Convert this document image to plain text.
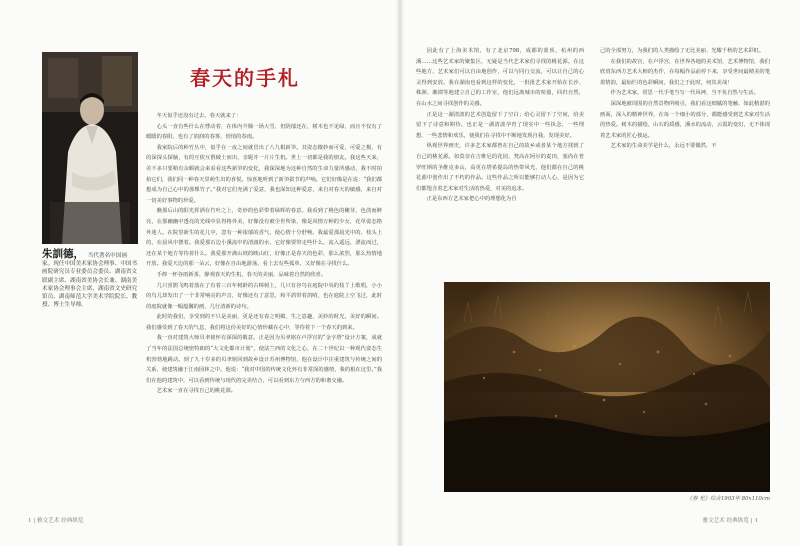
朱訓德， 当代著名中国画家。现任中国美术家协会理事、中国书画院研究员专业委员会委员、湖南省文联副主席、湖南省美协会长兼、湖南美术家协会理事会主席、湖南省文史研究馆员、湖南师范大学美术学院院长、教授、博士生导师。
春天的手札

冬天似乎还没有过去，春天就来了：

心头一直有些什么在悸动着，在体内升腾一场大雪，但阴郁还在，树木也不见绿，而且不仅有了暖暖的春阳，也有了润润的春雾，悄悄的春雨。

我家院后的种竹丛中，似乎在一夜之间就冒出了八九根新笋。其姿态微妙而可爱，可爱之极，有的深探头探脑，有的互依互偎破土而出，亲昵并一片片生机。世上一切都是我的朋友。我这些天来，差不多只要稍有余暇就会来看看这些新笋的变化，我深深地为这种自然的生命力量所感动，我不时拍拍它们，我们同一种春天里萌生出的喜悦。惊喜地听到了新笋拔节的声响。它们好像是在说：“我们都想成为自己心中的那棵竹子。”我对它们充满了爱意，我也深知这种爱意，来自对春天的敏感，来自对一切美好事物的珍爱。

瞧那后山的阳光挥洒在竹叶之上，奇妙的色彩带着绿辉的春意。我看到了桃色的嫩芽，色淡而鲜亮，在那幽幽中透亮的光线中显得格外美，好像没有被尘世所染，像是风情万种的少女，花草姿态格外迷人。在院里新生的花儿中，忽有一种浓郁的香气，使心情十分舒畅。我最爱那晨光中的，枝头上的，在晨风中摆着。我爱那石边小溪流中的清澈的水，它好像要带走些什么，流入遥远，漂流而过，还在某个地方等待着什么。我爱那开满山坡的映山红，好像正是春天的色彩，那么浓烈，那么热情地开放。我爱天边的那一朵云，好像在自由地游荡，看上去有些孤单，又好像在寻找什么。

手捧一杯谷雨新茶，静观春天的生机，春天的美丽，品味着自然的欣喜。

几只喜鹊飞鸣着落在了有着三百年树龄的古樟树上，几只有谷鸟在庭院中央的枝丫上歌唱，小小的鸟儿却发出了一个非常响亮的声音，好像还有了意思，和平鸽带着鸽哨，也在庭院上空飞过，此时的庭院就像一幅蕴馨的画，几行清新的诗句。

此时的我们，享受到的不只是美丽，更是还有春之明媚，生之意趣，美妙的时光，美好的瞬间。我们感受到了春天的气息，我们将这份美好的心情珍藏在心中，等待着下一个春天的到来。

我一直对建筑大师贝聿铭怀有深深的敬意。正是因为贝聿铭在卢浮宫的“金字塔”设计方案，成就了当年的法国总统密特朗的“大文化都市计划”，使法兰西的文化之心，在二十世纪以一种现代姿态生机勃勃地跳动。到了九十岁多的贝聿铭回到故乡设计苏州博物馆，他在设计中注重建筑与传统之间的关系，使建筑融于江南园林之中。他说：“我对中国的传统文化怀有非常深的感情，我的根在这里。”我们在他的建筑中，可以看到传统与现代的完美结合，可以看到东方与西方的和谐交融。

艺术家一直在寻找自己的桃花源。

1 | 雅文艺术 经典纵览

因此有了上海美术馆，有了北京798，成都的蓝顶，杭州的西溪……这些艺术家的聚集区，无疑是当代艺术家们寻找的桃花源。在这些地方，艺术家们可以自由地创作，可以与同行交流，可以让自己的心灵得到安放。我在湖南也看到这样的变化，一批批艺术家开始在长沙、株洲、湘潭等地建立自己的工作室，他们远离城市的喧嚣，回归自然，在山水之间寻找创作的灵感。

正是这一湖清波的艺术创造留下了空白；给心灵留下了空间，给美留下了诗意和期待。也正是一湖清波孕育了现实中一些执念，一些理想，一些悲情和欢乐，使我们在寻找中不断地发现自我，发现美好。

纵观世界画史，许多艺术家都曾在自己的故乡或者某个地方找到了自己的桃花源。如莫奈在吉维尼的花园，梵高在阿尔的麦田，塞尚在普罗旺斯的圣维克多山，高更在塔希提岛的热带风光，他们都在自己的桃花源中创作出了不朽的作品。这些作品之所以能够打动人心，是因为它们都饱含着艺术家对生活的热爱，对美的追求。

正是东西方艺术家把心中的理想化为自

己的全部努力，为我们的人类描绘了无比美丽、光耀千秋的艺术彩虹。

在我们的故宫，在卢浮宫，在世界各地的美术馆，艺术博物馆，我们欣赏东西方艺术大师的杰作，在每幅作品前停下来，享受世间最精美的笔墨情韵，最灿烂的色彩瞬间，我们之于此时，何其美哉！

作为艺术家，常思一代手笔当写一代风神，当不负自然与生活。

深深地被周围的自然景物所吸引，我们看这细腻的笔触、如此精湛的画面，深入的精神世界，在每一个细小的部分，都能感受到艺术家对生活的热爱。树木的描绘，山石的质感，溪水的流动，云霞的变幻，无不体现着艺术家的匠心独运。

艺术家的生命美学是什么，永远不要偶然，不

《春 光》综合1993年 80x110cm
雅文艺术 经典纵览 | 1
